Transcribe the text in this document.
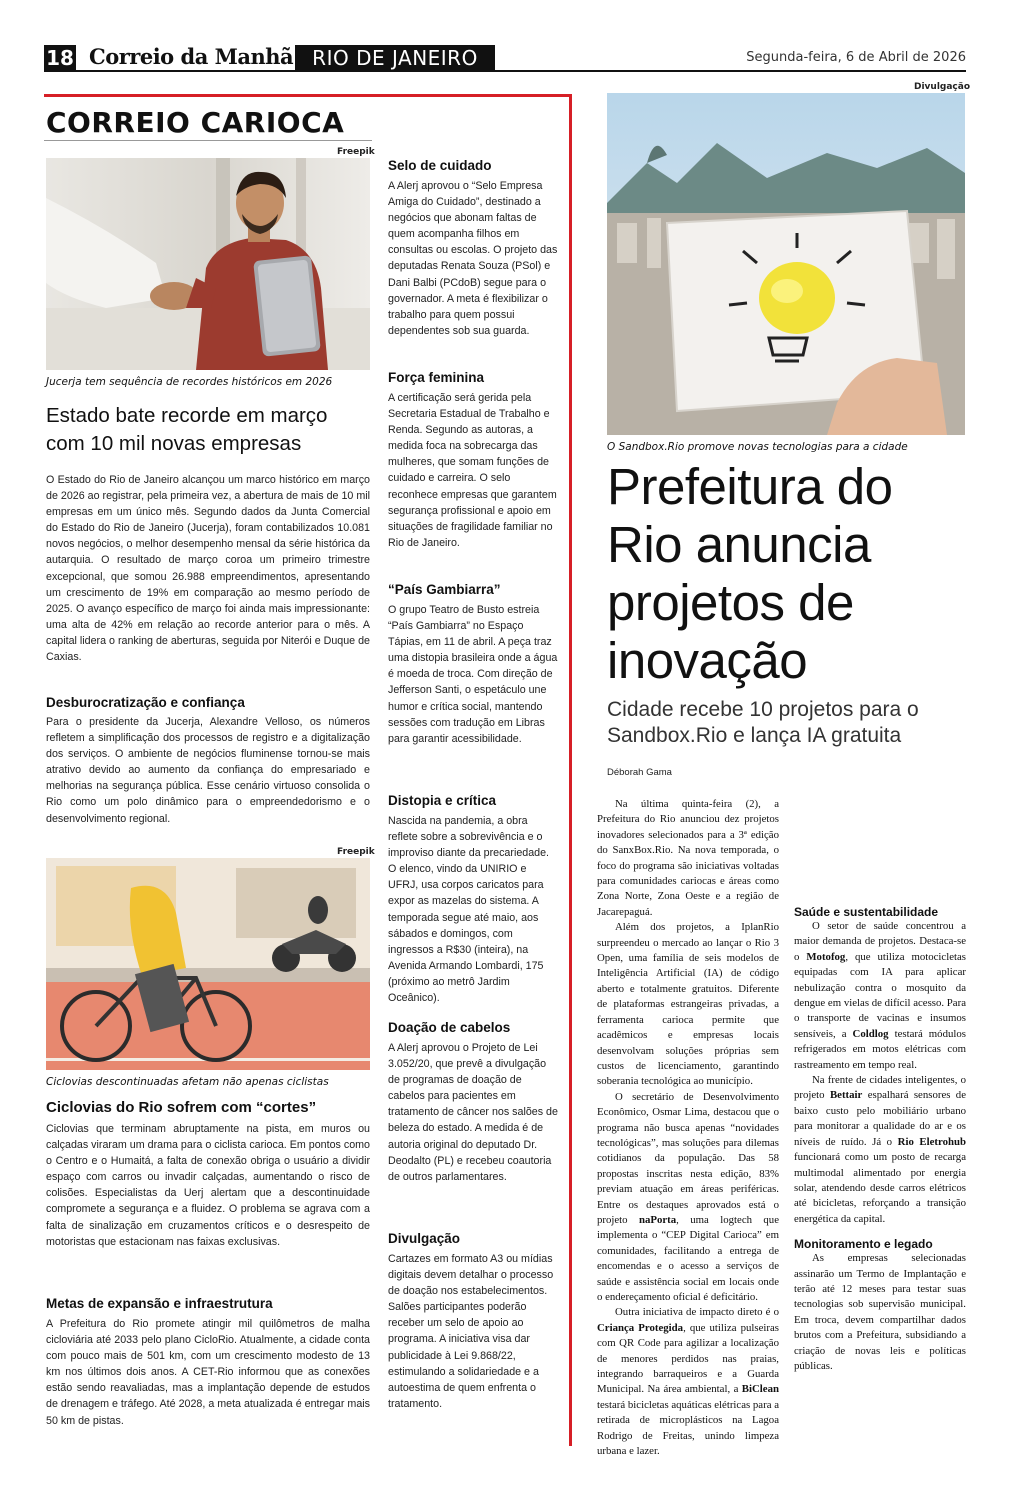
18 Correio da Manhã RIO DE JANEIRO	Segunda-feira, 6 de Abril de 2026
CORREIO CARIOCA
Freepik
Jucerja tem sequência de recordes históricos em 2026
Estado bate recorde em março com 10 mil novas empresas
O Estado do Rio de Janeiro alcançou um marco histórico em março de 2026 ao registrar, pela primeira vez, a abertura de mais de 10 mil empresas em um único mês. Segundo dados da Junta Comercial do Estado do Rio de Janeiro (Jucerja), foram contabilizados 10.081 novos negócios, o melhor desempenho mensal da série histórica da autarquia. O resultado de março coroa um primeiro trimestre excepcional, que somou 26.988 empreendimentos, apresentando um crescimento de 19% em comparação ao mesmo período de 2025. O avanço específico de março foi ainda mais impressionante: uma alta de 42% em relação ao recorde anterior para o mês. A capital lidera o ranking de aberturas, seguida por Niterói e Duque de Caxias.
Desburocratização e confiança
Para o presidente da Jucerja, Alexandre Velloso, os números refletem a simplificação dos processos de registro e a digitalização dos serviços. O ambiente de negócios fluminense tornou-se mais atrativo devido ao aumento da confiança do empresariado e melhorias na segurança pública. Esse cenário virtuoso consolida o Rio como um polo dinâmico para o empreendedorismo e o desenvolvimento regional.
Freepik
Ciclovias descontinuadas afetam não apenas ciclistas
Ciclovias do Rio sofrem com “cortes”
Ciclovias que terminam abruptamente na pista, em muros ou calçadas viraram um drama para o ciclista carioca. Em pontos como o Centro e o Humaitá, a falta de conexão obriga o usuário a dividir espaço com carros ou invadir calçadas, aumentando o risco de colisões. Especialistas da Uerj alertam que a descontinuidade compromete a segurança e a fluidez. O problema se agrava com a falta de sinalização em cruzamentos críticos e o desrespeito de motoristas que estacionam nas faixas exclusivas.
Metas de expansão e infraestrutura
A Prefeitura do Rio promete atingir mil quilômetros de malha cicloviária até 2033 pelo plano CicloRio. Atualmente, a cidade conta com pouco mais de 501 km, com um crescimento modesto de 13 km nos últimos dois anos. A CET-Rio informou que as conexões estão sendo reavaliadas, mas a implantação depende de estudos de drenagem e tráfego. Até 2028, a meta atualizada é entregar mais 50 km de pistas.
Selo de cuidado
A Alerj aprovou o “Selo Empresa Amiga do Cuidado”, destinado a negócios que abonam faltas de quem acompanha filhos em consultas ou escolas. O projeto das deputadas Renata Souza (PSol) e Dani Balbi (PCdoB) segue para o governador. A meta é flexibilizar o trabalho para quem possui dependentes sob sua guarda.
Força feminina
A certificação será gerida pela Secretaria Estadual de Trabalho e Renda. Segundo as autoras, a medida foca na sobrecarga das mulheres, que somam funções de cuidado e carreira. O selo reconhece empresas que garantem segurança profissional e apoio em situações de fragilidade familiar no Rio de Janeiro.
“País Gambiarra”
O grupo Teatro de Busto estreia “País Gambiarra” no Espaço Tápias, em 11 de abril. A peça traz uma distopia brasileira onde a água é moeda de troca. Com direção de Jefferson Santi, o espetáculo une humor e crítica social, mantendo sessões com tradução em Libras para garantir acessibilidade.
Distopia e crítica
Nascida na pandemia, a obra reflete sobre a sobrevivência e o improviso diante da precariedade. O elenco, vindo da UNIRIO e UFRJ, usa corpos caricatos para expor as mazelas do sistema. A temporada segue até maio, aos sábados e domingos, com ingressos a R$30 (inteira), na Avenida Armando Lombardi, 175 (próximo ao metrô Jardim Oceânico).
Doação de cabelos
A Alerj aprovou o Projeto de Lei 3.052/20, que prevê a divulgação de programas de doação de cabelos para pacientes em tratamento de câncer nos salões de beleza do estado. A medida é de autoria original do deputado Dr. Deodalto (PL) e recebeu coautoria de outros parlamentares.
Divulgação
Cartazes em formato A3 ou mídias digitais devem detalhar o processo de doação nos estabelecimentos. Salões participantes poderão receber um selo de apoio ao programa. A iniciativa visa dar publicidade à Lei 9.868/22, estimulando a solidariedade e a autoestima de quem enfrenta o tratamento.
Divulgação
O Sandbox.Rio promove novas tecnologias para a cidade
Prefeitura do Rio anuncia projetos de inovação
Cidade recebe 10 projetos para o Sandbox.Rio e lança IA gratuita
Déborah Gama

Na última quinta-feira (2), a Prefeitura do Rio anunciou dez projetos inovadores selecionados para a 3ª edição do SanxBox.Rio. Na nova temporada, o foco do programa são iniciativas voltadas para comunidades cariocas e áreas como Zona Norte, Zona Oeste e a região de Jacarepaguá.

Além dos projetos, a IplanRio surpreendeu o mercado ao lançar o Rio 3 Open, uma família de seis modelos de Inteligência Artificial (IA) de código aberto e totalmente gratuitos. Diferente de plataformas estrangeiras privadas, a ferramenta carioca permite que acadêmicos e empresas locais desenvolvam soluções próprias sem custos de licenciamento, garantindo soberania tecnológica ao município.

O secretário de Desenvolvimento Econômico, Osmar Lima, destacou que o programa não busca apenas “novidades tecnológicas”, mas soluções para dilemas cotidianos da população. Das 58 propostas inscritas nesta edição, 83% previam atuação em áreas periféricas. Entre os destaques aprovados está o projeto naPorta, uma logtech que implementa o “CEP Digital Carioca” em comunidades, facilitando a entrega de encomendas e o acesso a serviços de saúde e assistência social em locais onde o endereçamento oficial é deficitário.

Outra iniciativa de impacto direto é o Criança Protegida, que utiliza pulseiras com QR Code para agilizar a localização de menores perdidos nas praias, integrando barraqueiros e a Guarda Municipal. Na área ambiental, a BiClean testará bicicletas aquáticas elétricas para a retirada de microplásticos na Lagoa Rodrigo de Freitas, unindo limpeza urbana e lazer.

Saúde e sustentabilidade

O setor de saúde concentrou a maior demanda de projetos. Destaca-se o Motofog, que utiliza motocicletas equipadas com IA para aplicar nebulização contra o mosquito da dengue em vielas de difícil acesso. Para o transporte de vacinas e insumos sensíveis, a Coldlog testará módulos refrigerados em motos elétricas com rastreamento em tempo real.

Na frente de cidades inteligentes, o projeto Bettair espalhará sensores de baixo custo pelo mobiliário urbano para monitorar a qualidade do ar e os níveis de ruído. Já o Rio Eletrohub funcionará como um posto de recarga multimodal alimentado por energia solar, atendendo desde carros elétricos até bicicletas, reforçando a transição energética da capital.

Monitoramento e legado

As empresas selecionadas assinarão um Termo de Implantação e terão até 12 meses para testar suas tecnologias sob supervisão municipal. Em troca, devem compartilhar dados brutos com a Prefeitura, subsidiando a criação de novas leis e políticas públicas.
